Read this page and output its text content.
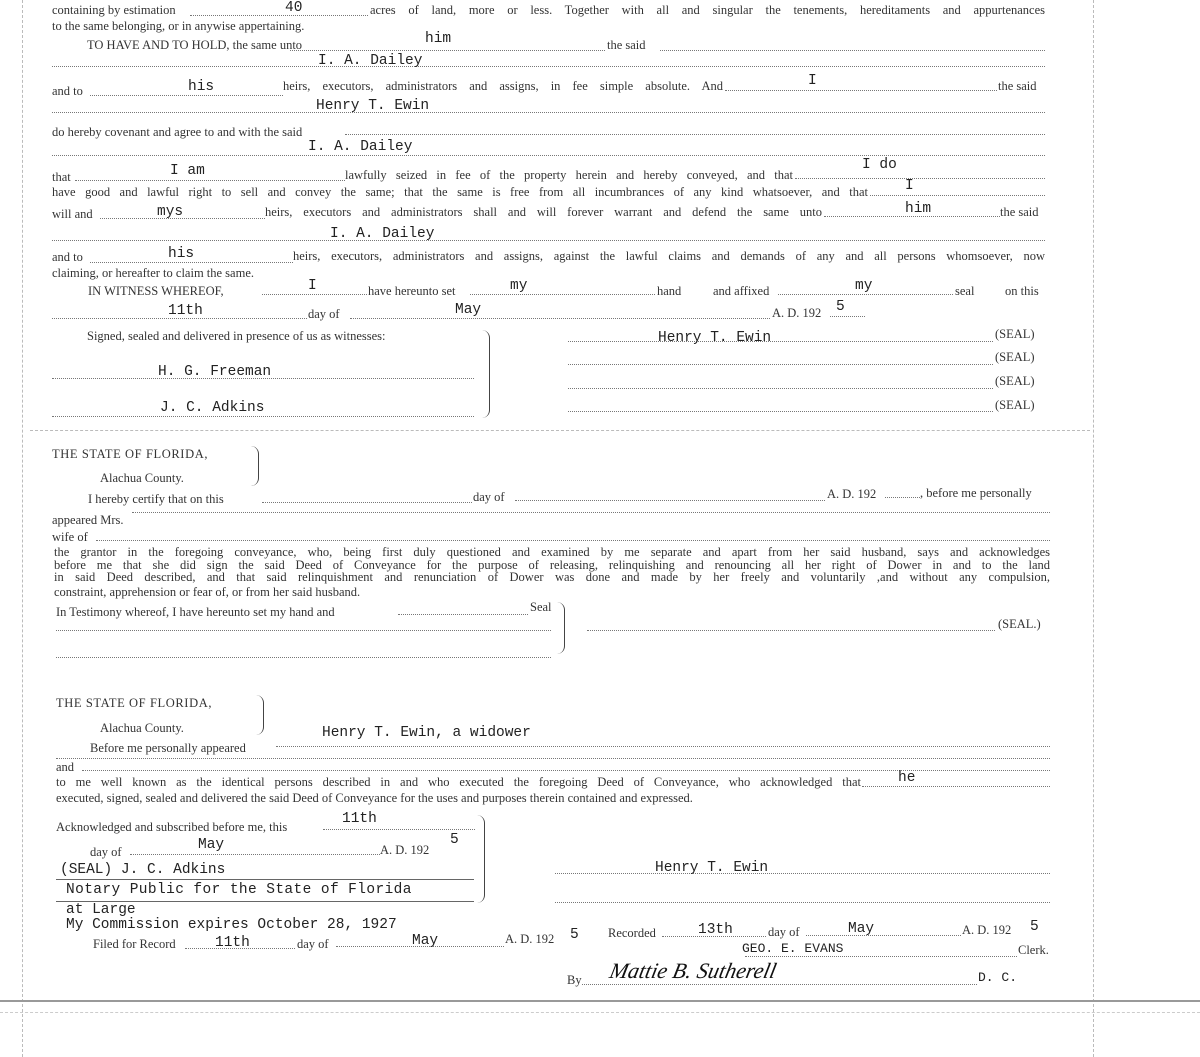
containing by estimation	40	acres of land, more or less. Together with all and singular the tenements, hereditaments and appurtenances
to the same belonging, or in anywise appertaining.
TO HAVE AND TO HOLD, the same unto	him	the said
I. A. Dailey
and to	his	heirs, executors, administrators and assigns, in fee simple absolute. And	I	the said
Henry T. Ewin
do hereby covenant and agree to and with the said
I. A. Dailey
that	I am	lawfully seized in fee of the property herein and hereby conveyed, and that
I do
have good and lawful right to sell and convey the same; that the same is free from all incumbrances of any kind whatsoever, and that	I
will and	mys	heirs, executors and administrators shall and will forever warrant and defend the same unto	him	the said
I. A. Dailey
and to	his	heirs, executors, administrators and assigns, against the lawful claims and demands of any and all persons whomsoever, now
claiming, or hereafter to claim the same.
IN WITNESS WHEREOF,	I	have hereunto set	my	hand	and affixed	my	seal on this
11th	day of	May	A. D. 192 5
Signed, sealed and delivered in presence of us as witnesses:
H. G. Freeman
J. C. Adkins
Henry T. Ewin	(SEAL)
(SEAL)
(SEAL)
(SEAL)
THE STATE OF FLORIDA,
Alachua County.
I hereby certify that on this	day of	A. D. 192	, before me personally
appeared Mrs.
wife of
the grantor in the foregoing conveyance, who, being first duly questioned and examined by me separate and apart from her said husband, says and acknowledges
before me that she did sign the said Deed of Conveyance for the purpose of releasing, relinquishing and renouncing all her right of Dower in and to the land
in said Deed described, and that said relinquishment and renunciation of Dower was done and made by her freely and voluntarily ,and without any compulsion,
constraint, apprehension or fear of, or from her said husband.
In Testimony whereof, I have hereunto set my hand and	Seal
(SEAL.)
THE STATE OF FLORIDA,
Alachua County.	Henry T. Ewin, a widower
Before me personally appeared
and
to me well known as the identical persons described in and who executed the foregoing Deed of Conveyance, who acknowledged that	he
executed, signed, sealed and delivered the said Deed of Conveyance for the uses and purposes therein contained and expressed.
Acknowledged and subscribed before me, this	11th
day of	May	A. D. 192
5
(SEAL) J. C. Adkins
Notary Public for the State of Florida
at Large
My Commission expires October 28, 1927
Henry T. Ewin
Filed for Record	11th	day of	May	A. D. 192 5 Recorded	13th	day of	May	A. D. 192 5
GEO. E. EVANS	Clerk.
By Mattie B. Sutherell	D. C.
